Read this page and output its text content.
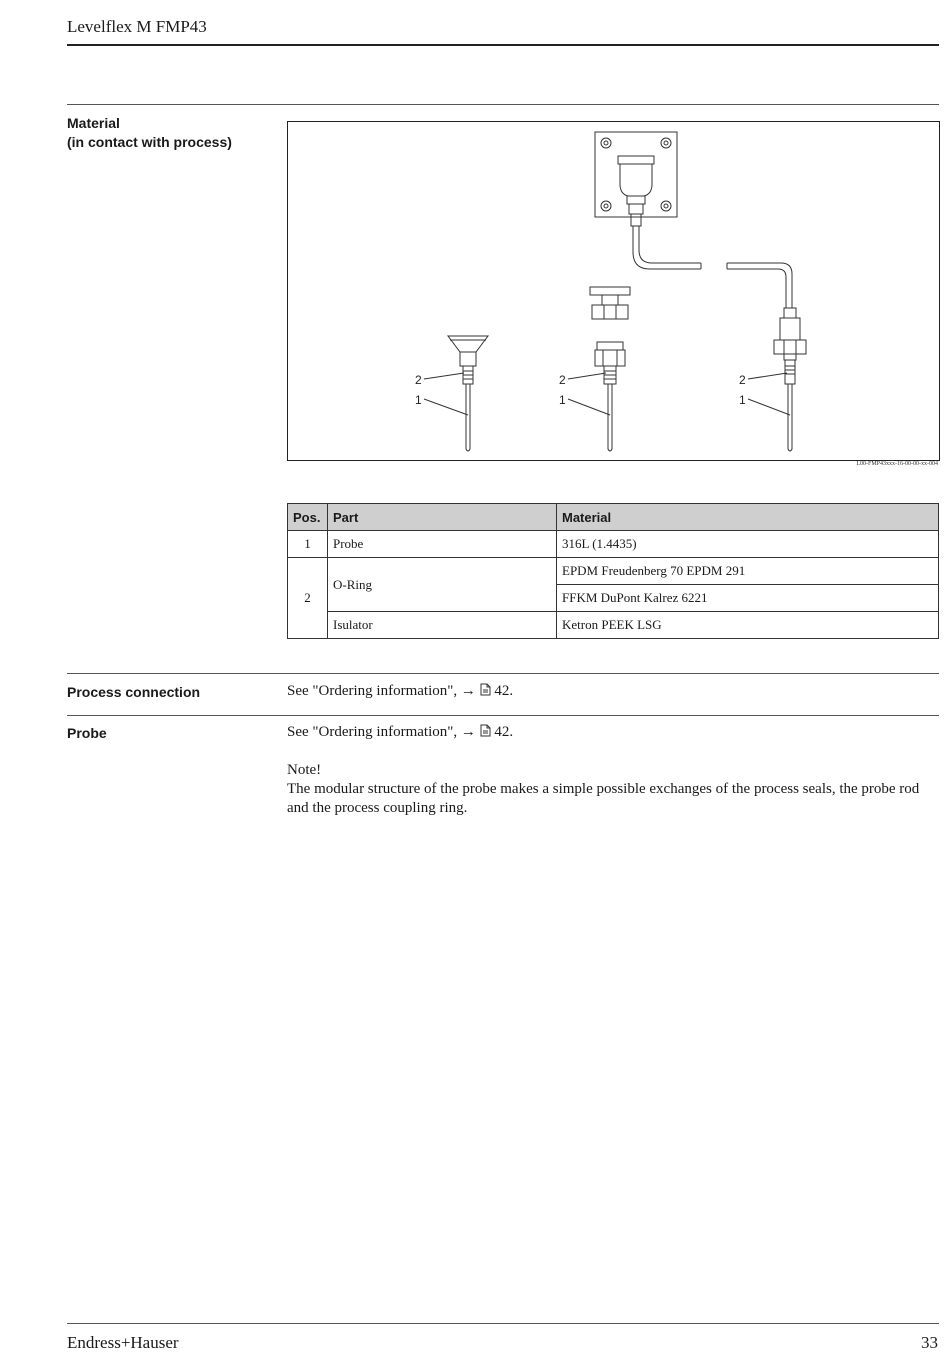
Levelflex M FMP43
Material
(in contact with process)
2
1
2
1
2
1
L00-FMP43xxx-16-00-00-xx-004
Pos.	Part	Material
1	Probe	316L (1.4435)
2	O-Ring	EPDM Freudenberg 70 EPDM 291
		FFKM DuPont Kalrez 6221
	Isulator	Ketron PEEK LSG
Process connection	See "Ordering information", →  42.
Probe	See "Ordering information", →  42.
Note!
The modular structure of the probe makes a simple possible exchanges of the process seals, the probe rod and the process coupling ring.
Endress+Hauser	33
